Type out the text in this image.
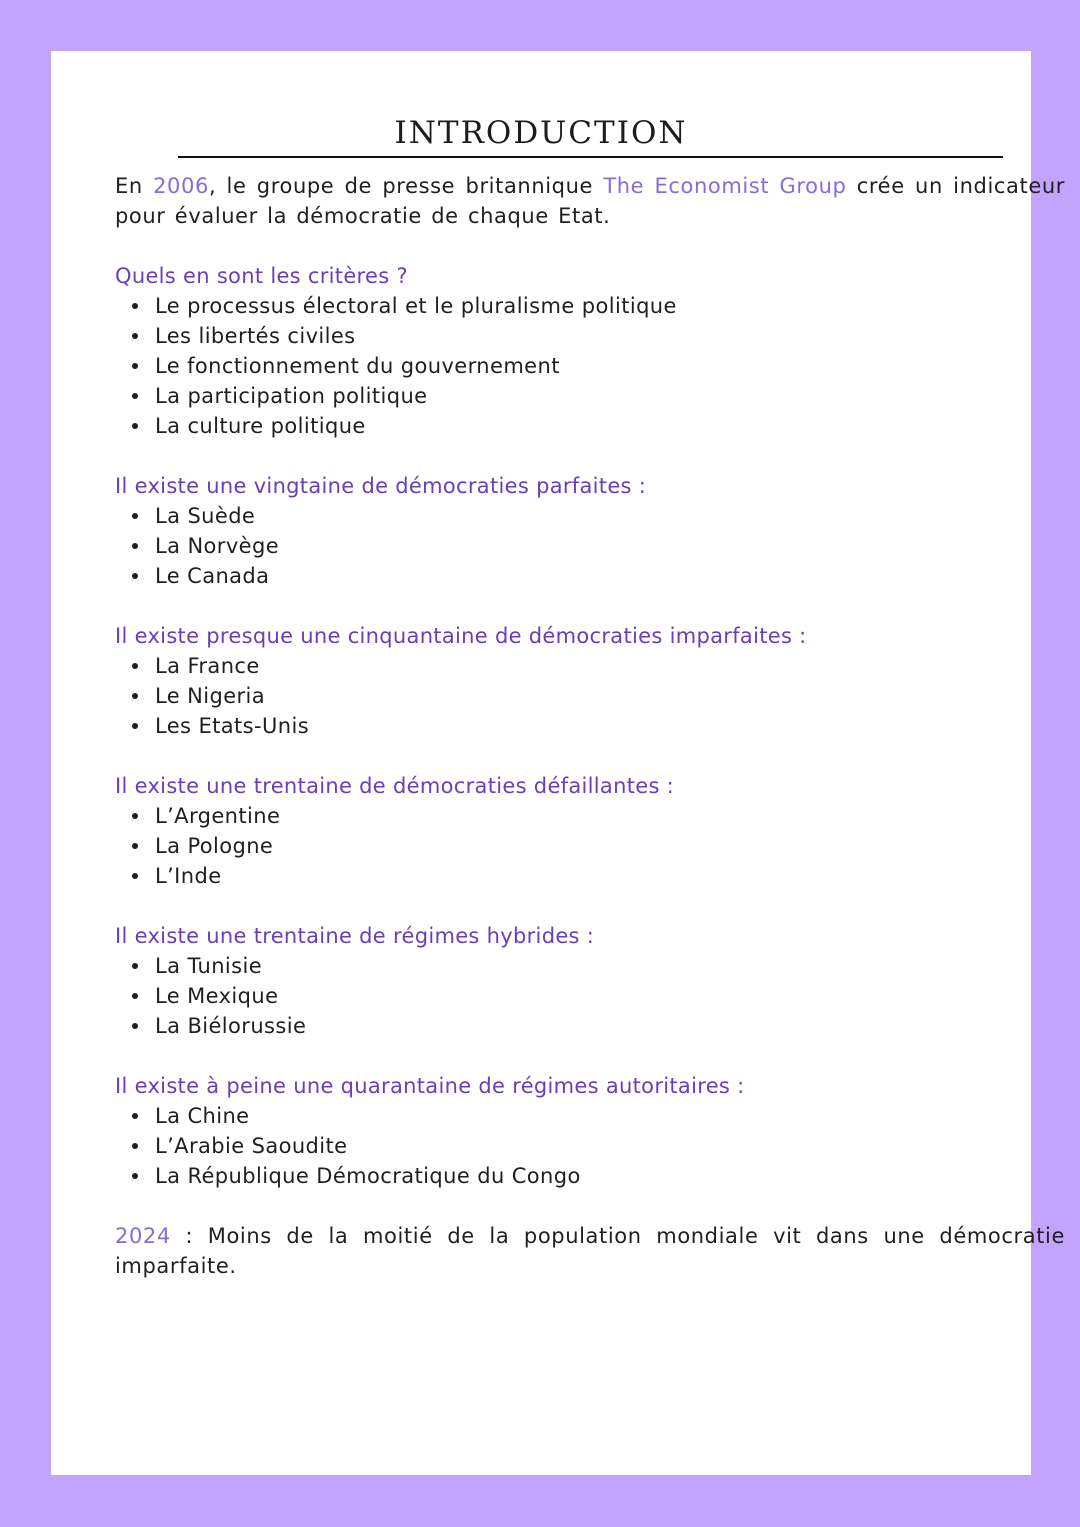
INTRODUCTION

En 2006, le groupe de presse britannique The Economist Group crée un indicateur pour évaluer la démocratie de chaque Etat.

Quels en sont les critères ?

Le processus électoral et le pluralisme politique
Les libertés civiles
Le fonctionnement du gouvernement
La participation politique
La culture politique

Il existe une vingtaine de démocraties parfaites :

La Suède
La Norvège
Le Canada

Il existe presque une cinquantaine de démocraties imparfaites :

La France
Le Nigeria
Les Etats-Unis

Il existe une trentaine de démocraties défaillantes :

L’Argentine
La Pologne
L’Inde

Il existe une trentaine de régimes hybrides :

La Tunisie
Le Mexique
La Biélorussie

Il existe à peine une quarantaine de régimes autoritaires :

La Chine
L’Arabie Saoudite
La République Démocratique du Congo

2024 : Moins de la moitié de la population mondiale vit dans une démocratie imparfaite.
